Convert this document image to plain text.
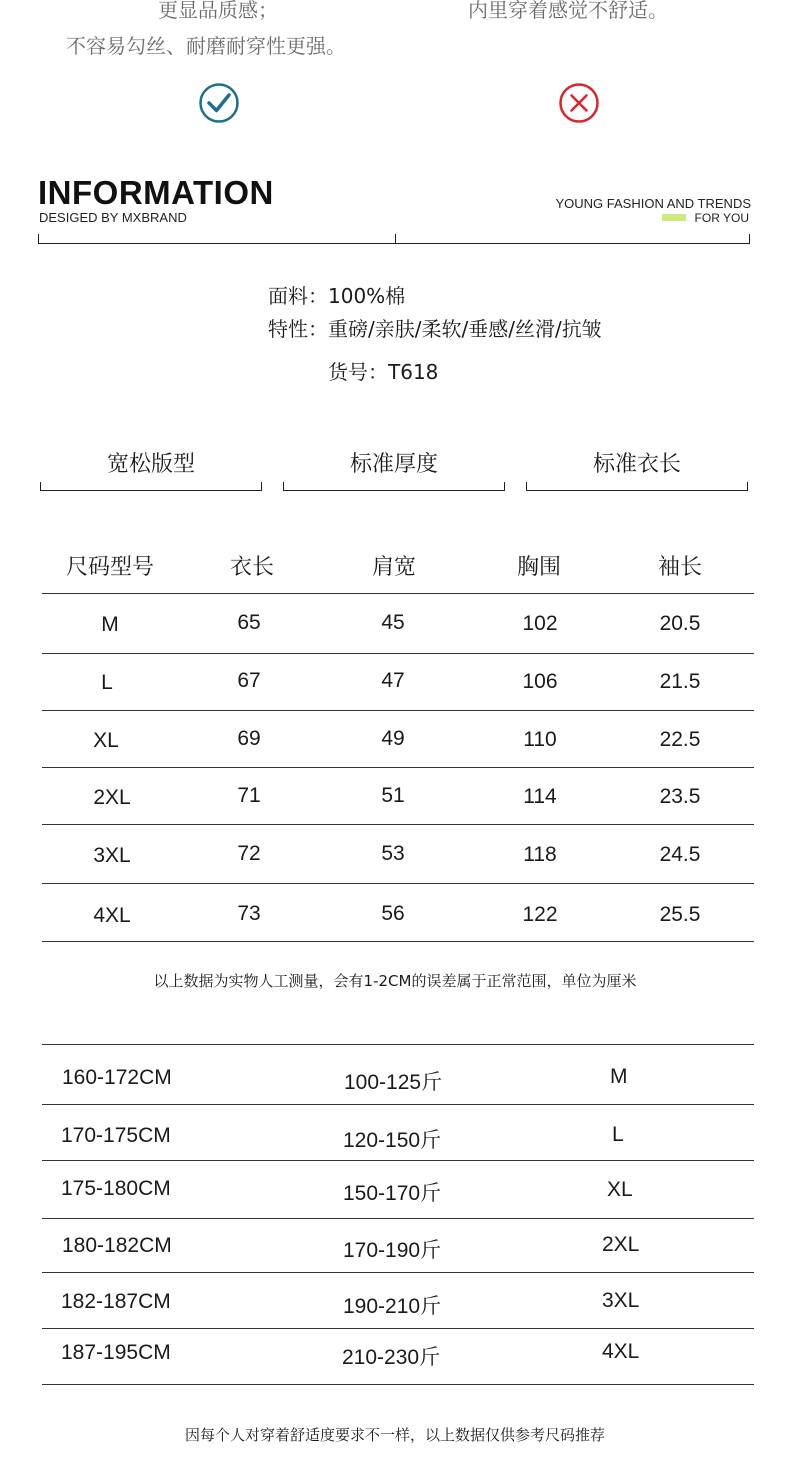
更显品质感；
不容易勾丝、耐磨耐穿性更强。
内里穿着感觉不舒适。
INFORMATION
DESIGED BY MXBRAND
YOUNG FASHION AND TRENDS
FOR YOU
面料：100%棉
特性：重磅/亲肤/柔软/垂感/丝滑/抗皱
货号：T618
宽松版型	标准厚度	标准衣长
尺码型号	衣长	肩宽	胸围	袖长
M	65	45	102	20.5
L	67	47	106	21.5
XL	69	49	110	22.5
2XL	71	51	114	23.5
3XL	72	53	118	24.5
4XL	73	56	122	25.5
以上数据为实物人工测量，会有1-2CM的误差属于正常范围，单位为厘米
160-172CM	100-125斤	M
170-175CM	120-150斤	L
175-180CM	150-170斤	XL
180-182CM	170-190斤	2XL
182-187CM	190-210斤	3XL
187-195CM	210-230斤	4XL
因每个人对穿着舒适度要求不一样，以上数据仅供参考尺码推荐
